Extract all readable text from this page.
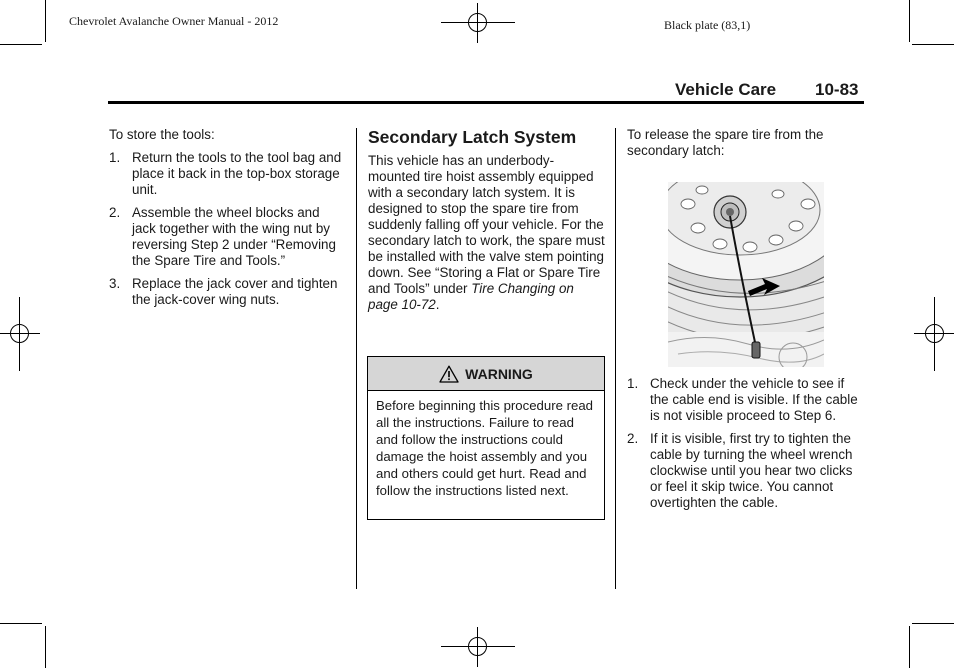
Chevrolet Avalanche Owner Manual - 2012	Black plate (83,1)
Vehicle Care 10-83

To store the tools:

1. Return the tools to the tool bag and place it back in the top-box storage unit.
2. Assemble the wheel blocks and jack together with the wing nut by reversing Step 2 under “Removing the Spare Tire and Tools.”
3. Replace the jack cover and tighten the jack-cover wing nuts.
Secondary Latch System

This vehicle has an underbody-mounted tire hoist assembly equipped with a secondary latch system. It is designed to stop the spare tire from suddenly falling off your vehicle. For the secondary latch to work, the spare must be installed with the valve stem pointing down. See “Storing a Flat or Spare Tire and Tools” under Tire Changing on page 10-72.

WARNING
Before beginning this procedure read all the instructions. Failure to read and follow the instructions could damage the hoist assembly and you and others could get hurt. Read and follow the instructions listed next.

To release the spare tire from the secondary latch:

1. Check under the vehicle to see if the cable end is visible. If the cable is not visible proceed to Step 6.
2. If it is visible, first try to tighten the cable by turning the wheel wrench clockwise until you hear two clicks or feel it skip twice. You cannot overtighten the cable.
